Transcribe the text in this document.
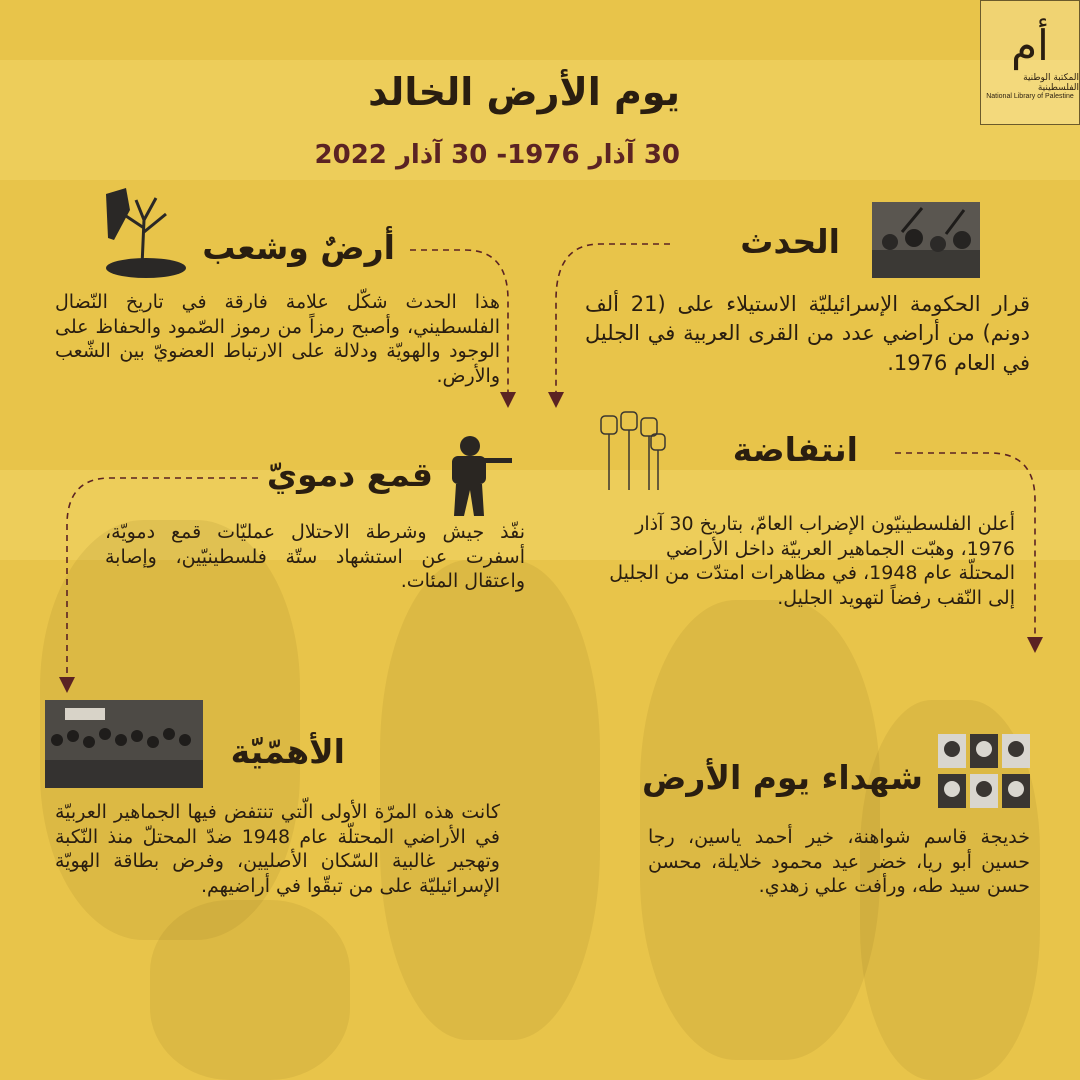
أم
المكتبة الوطنية الفلسطينية
National Library of Palestine
يوم الأرض الخالد
30 آذار 1976- 30 آذار 2022
الحدث

قرار الحكومة الإسرائيليّة الاستيلاء على (21 ألف دونم) من أراضي عدد من القرى العربية في الجليل في العام 1976.

أرضٌ وشعب

هذا الحدث شكّل علامة فارقة في تاريخ النّضال الفلسطيني، وأصبح رمزاً من رموز الصّمود والحفاظ على الوجود والهويّة ودلالة على الارتباط العضويّ بين الشّعب والأرض.

انتفاضة

أعلن الفلسطينيّون الإضراب العامّ، بتاريخ 30 آذار 1976، وهبّت الجماهير العربيّة داخل الأراضي المحتلّة عام 1948، في مظاهرات امتدّت من الجليل إلى النّقب رفضاً لتهويد الجليل.

قمع دمويّ

نفّذ جيش وشرطة الاحتلال عمليّات قمع دمويّة، أسفرت عن استشهاد ستّة فلسطينيّين، وإصابة واعتقال المئات.

الأهمّيّة

كانت هذه المرّة الأولى الّتي تنتفض فيها الجماهير العربيّة في الأراضي المحتلّة عام 1948 ضدّ المحتلّ منذ النّكبة وتهجير غالبية السّكان الأصليين، وفرض بطاقة الهويّة الإسرائيليّة على من تبقّوا في أراضيهم.

شهداء يوم الأرض

خديجة قاسم شواهنة، خير أحمد ياسين، رجا حسين أبو ريا، خضر عيد محمود خلايلة، محسن حسن سيد طه، ورأفت علي زهدي.
